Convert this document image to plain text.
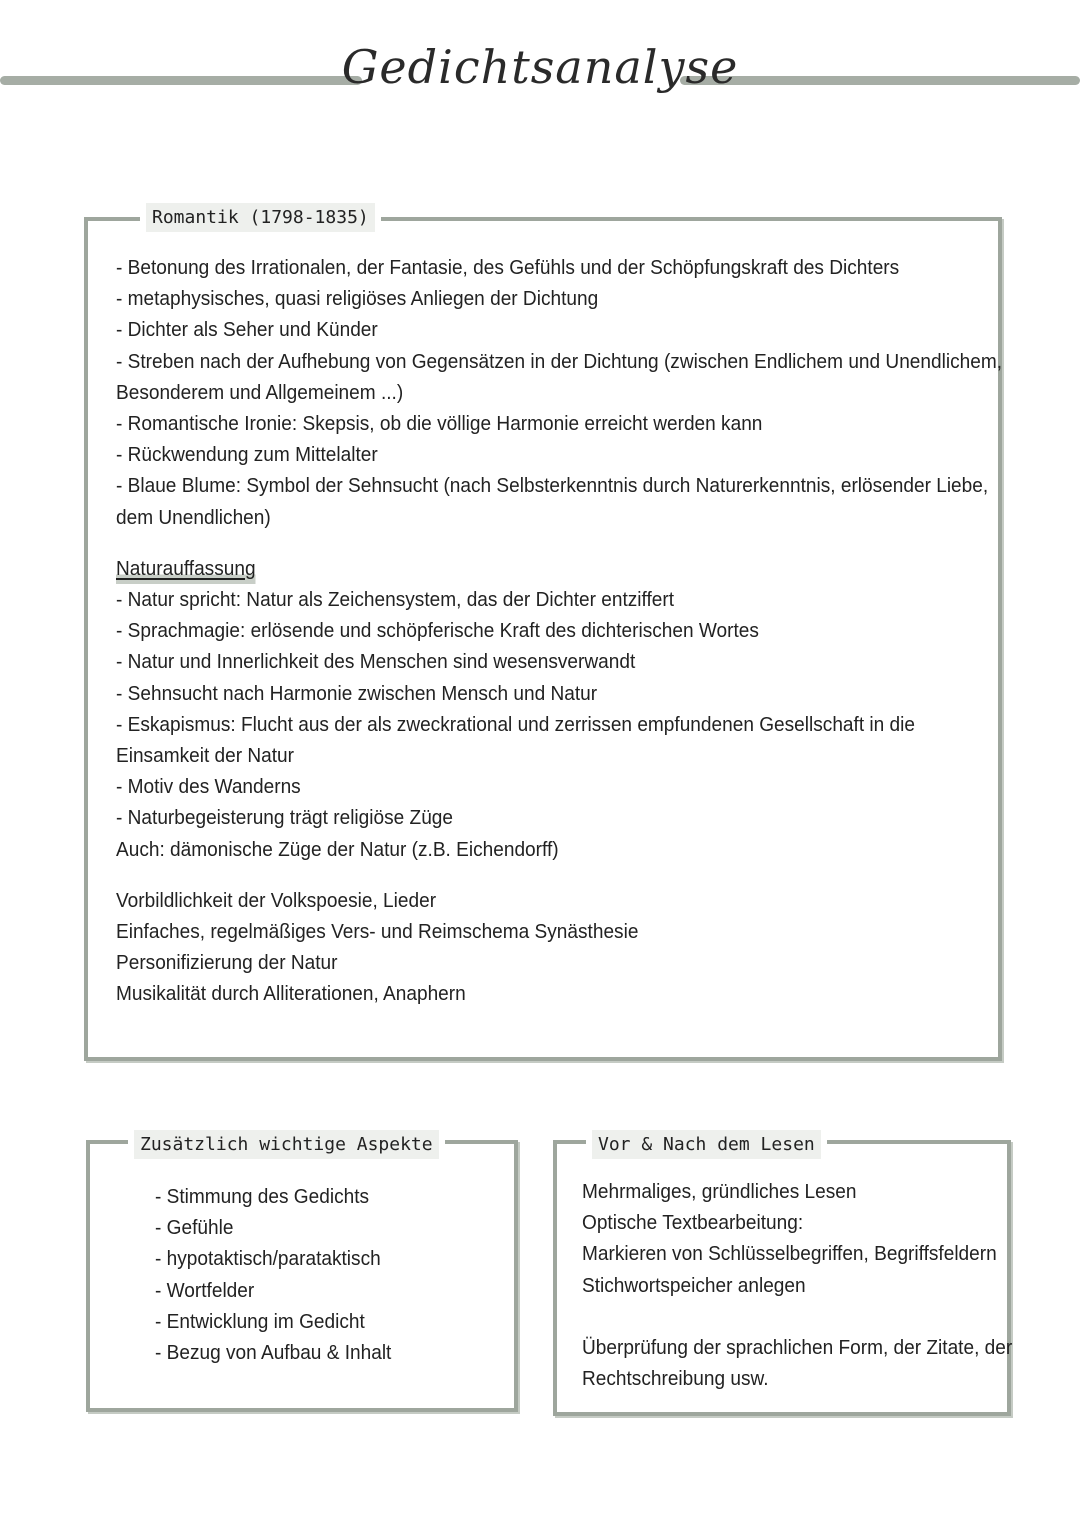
Gedichtsanalyse
Romantik (1798-1835)
- Betonung des Irrationalen, der Fantasie, des Gefühls und der Schöpfungskraft des Dichters
- metaphysisches, quasi religiöses Anliegen der Dichtung
- Dichter als Seher und Künder
- Streben nach der Aufhebung von Gegensätzen in der Dichtung (zwischen Endlichem und Unendlichem,
Besonderem und Allgemeinem ...)
- Romantische Ironie: Skepsis, ob die völlige Harmonie erreicht werden kann
- Rückwendung zum Mittelalter
- Blaue Blume: Symbol der Sehnsucht (nach Selbsterkenntnis durch Naturerkenntnis, erlösender Liebe,
dem Unendlichen)
Naturauffassung
- Natur spricht: Natur als Zeichensystem, das der Dichter entziffert
- Sprachmagie: erlösende und schöpferische Kraft des dichterischen Wortes
- Natur und Innerlichkeit des Menschen sind wesensverwandt
- Sehnsucht nach Harmonie zwischen Mensch und Natur
- Eskapismus: Flucht aus der als zweckrational und zerrissen empfundenen Gesellschaft in die
Einsamkeit der Natur
- Motiv des Wanderns
- Naturbegeisterung trägt religiöse Züge
Auch: dämonische Züge der Natur (z.B. Eichendorff)
Vorbildlichkeit der Volkspoesie, Lieder
Einfaches, regelmäßiges Vers- und Reimschema Synästhesie
Personifizierung der Natur
Musikalität durch Alliterationen, Anaphern
Zusätzlich wichtige Aspekte
- Stimmung des Gedichts
- Gefühle
- hypotaktisch/parataktisch
- Wortfelder
- Entwicklung im Gedicht
- Bezug von Aufbau & Inhalt
Vor & Nach dem Lesen
Mehrmaliges, gründliches Lesen
Optische Textbearbeitung:
Markieren von Schlüsselbegriffen, Begriffsfeldern
Stichwortspeicher anlegen
Überprüfung der sprachlichen Form, der Zitate, der
Rechtschreibung usw.
